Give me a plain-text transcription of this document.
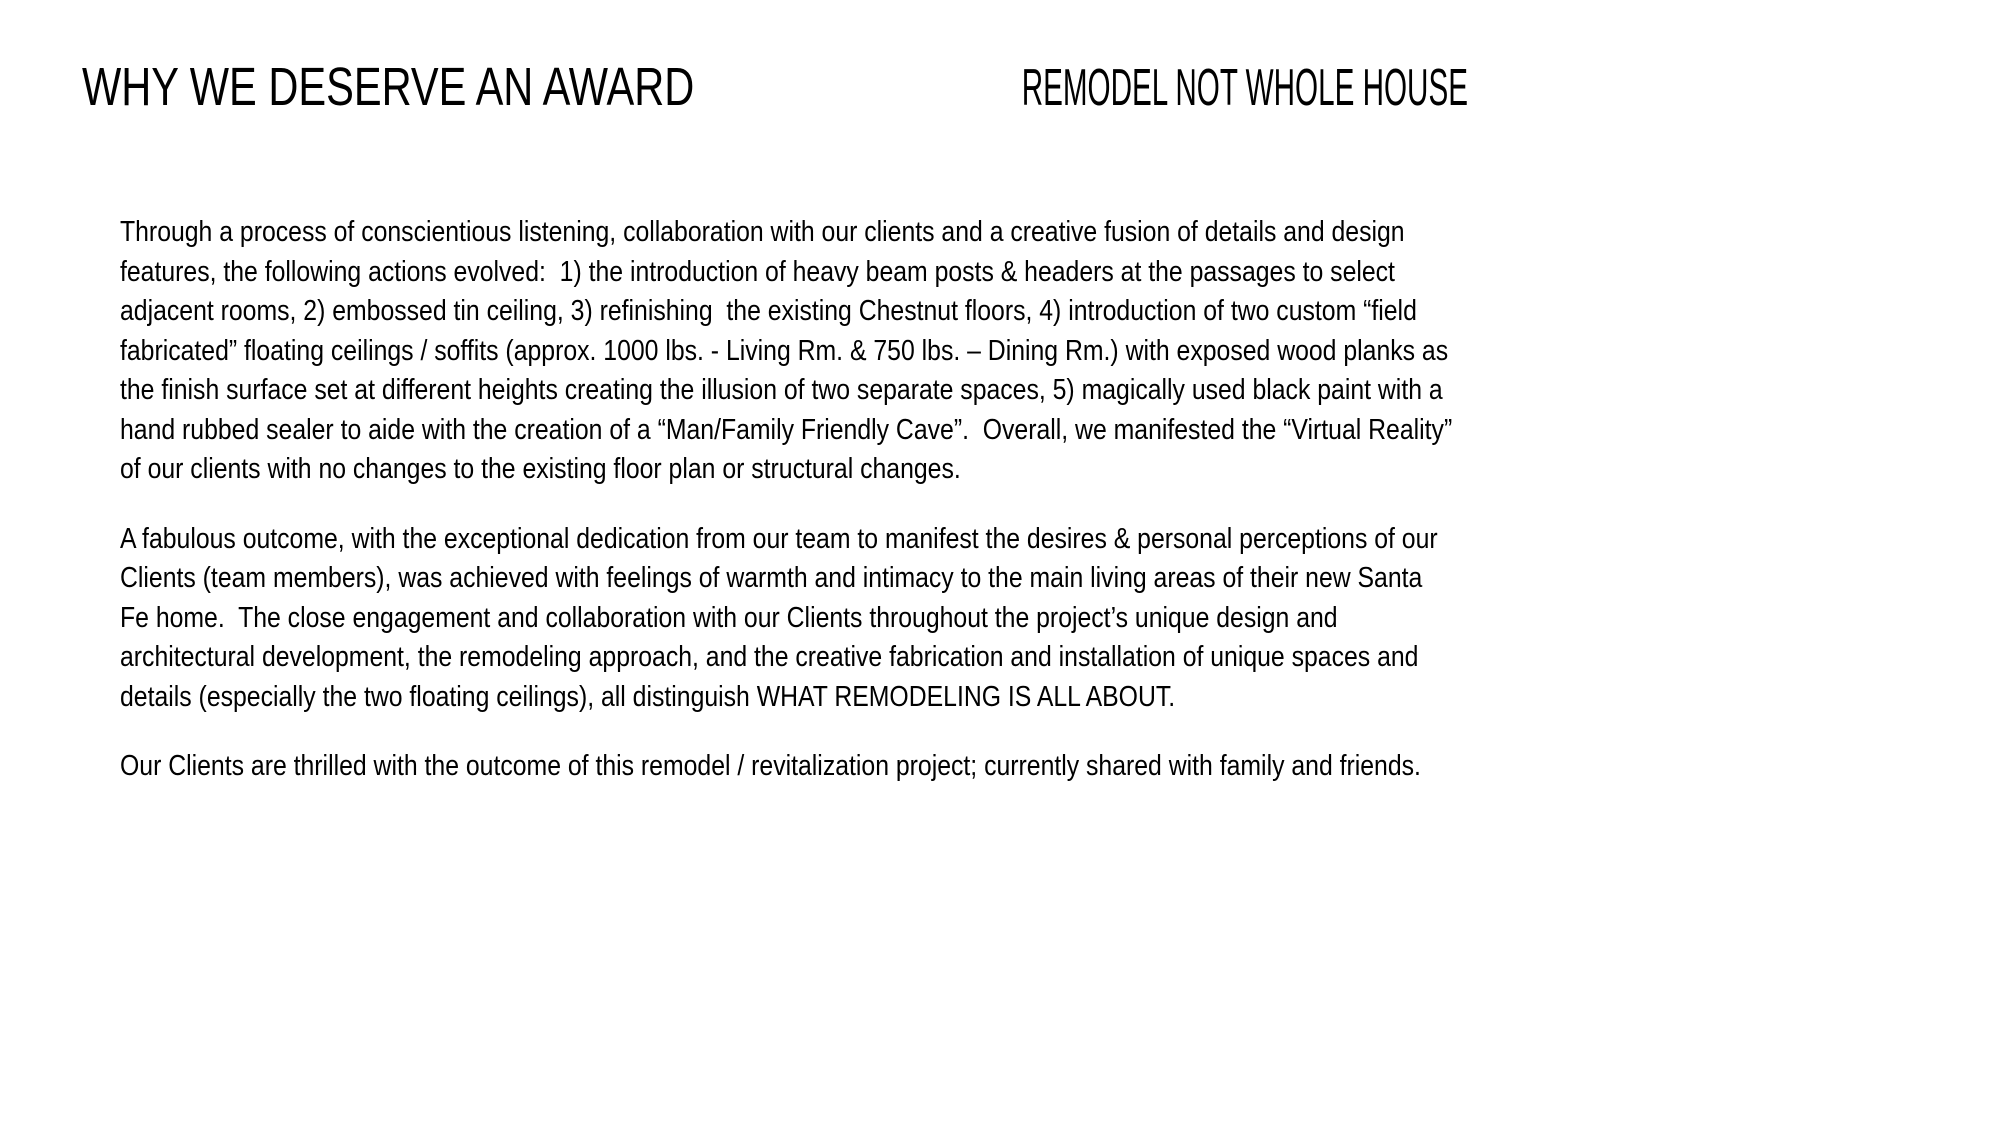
WHY WE DESERVE AN AWARD	REMODEL NOT WHOLE HOUSE

Through a process of conscientious listening, collaboration with our clients and a creative fusion of details and design features, the following actions evolved:  1) the introduction of heavy beam posts & headers at the passages to select adjacent rooms, 2) embossed tin ceiling, 3) refinishing  the existing Chestnut floors, 4) introduction of two custom “field fabricated” floating ceilings / soffits (approx. 1000 lbs. - Living Rm. & 750 lbs. – Dining Rm.) with exposed wood planks as the finish surface set at different heights creating the illusion of two separate spaces, 5) magically used black paint with a hand rubbed sealer to aide with the creation of a “Man/Family Friendly Cave”.  Overall, we manifested the “Virtual Reality” of our clients with no changes to the existing floor plan or structural changes.

A fabulous outcome, with the exceptional dedication from our team to manifest the desires & personal perceptions of our Clients (team members), was achieved with feelings of warmth and intimacy to the main living areas of their new Santa Fe home.  The close engagement and collaboration with our Clients throughout the project’s unique design and architectural development, the remodeling approach, and the creative fabrication and installation of unique spaces and details (especially the two floating ceilings), all distinguish WHAT REMODELING IS ALL ABOUT.

Our Clients are thrilled with the outcome of this remodel / revitalization project; currently shared with family and friends.
